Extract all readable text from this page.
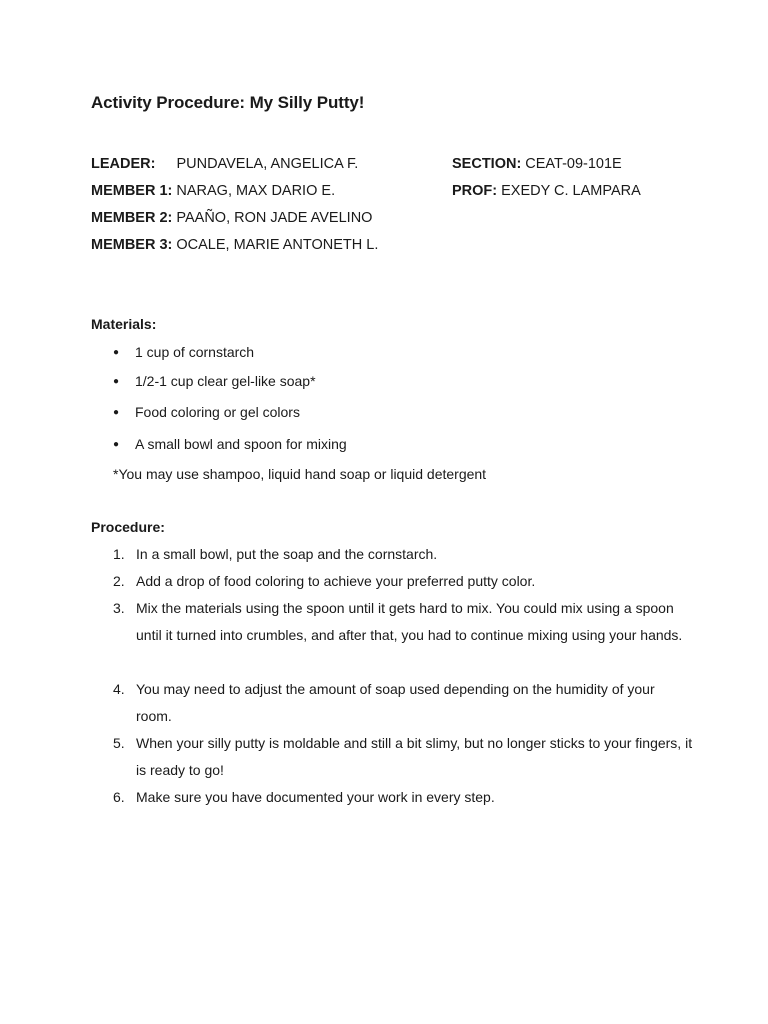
Activity Procedure: My Silly Putty!
LEADER: PUNDAVELA, ANGELICA F.
MEMBER 1: NARAG, MAX DARIO E.
MEMBER 2: PAAÑO, RON JADE AVELINO
MEMBER 3: OCALE, MARIE ANTONETH L.
SECTION: CEAT-09-101E
PROF: EXEDY C. LAMPARA
Materials:
● 1 cup of cornstarch
● 1/2-1 cup clear gel-like soap*
● Food coloring or gel colors
● A small bowl and spoon for mixing
*You may use shampoo, liquid hand soap or liquid detergent
Procedure:
1. In a small bowl, put the soap and the cornstarch.
2. Add a drop of food coloring to achieve your preferred putty color.
3. Mix the materials using the spoon until it gets hard to mix. You could mix using a spoon until it turned into crumbles, and after that, you had to continue mixing using your hands.
4. You may need to adjust the amount of soap used depending on the humidity of your room.
5. When your silly putty is moldable and still a bit slimy, but no longer sticks to your fingers, it is ready to go!
6. Make sure you have documented your work in every step.
